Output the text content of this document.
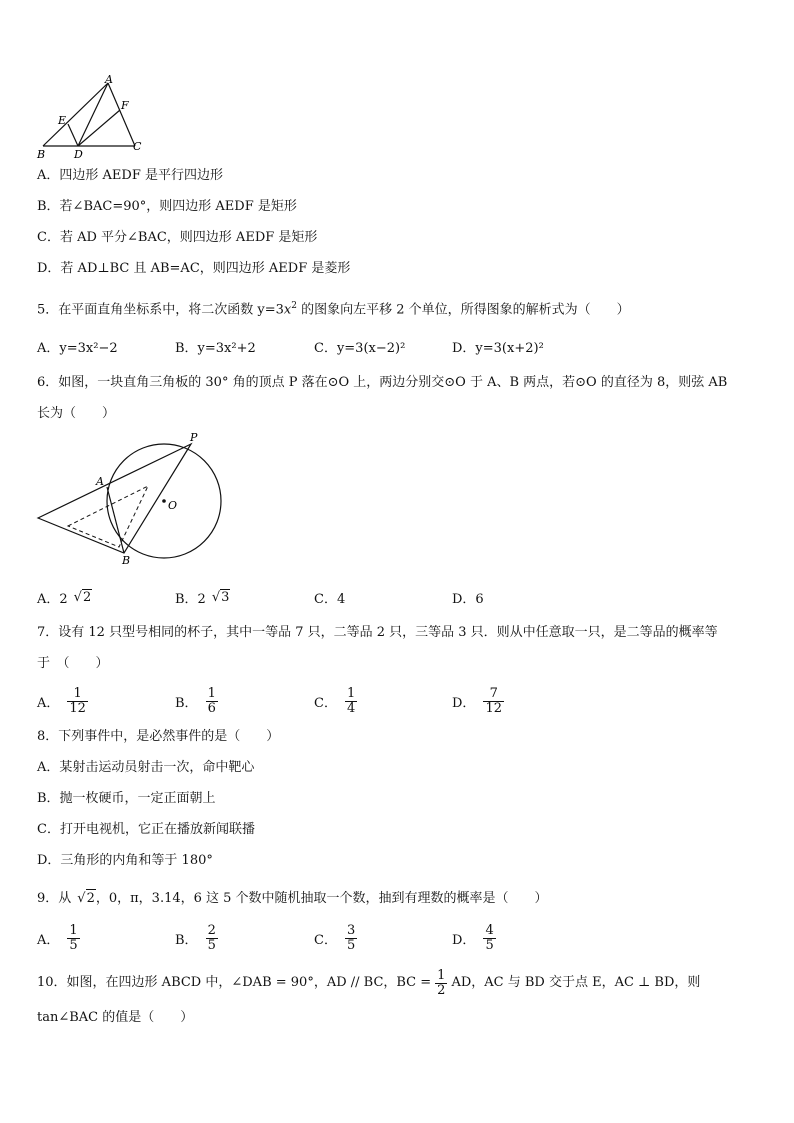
A
F
E
B	D
C
A．四边形 AEDF 是平行四边形
B．若∠BAC=90°，则四边形 AEDF 是矩形
C．若 AD 平分∠BAC，则四边形 AEDF 是矩形
D．若 AD⊥BC 且 AB=AC，则四边形 AEDF 是菱形
5．在平面直角坐标系中，将二次函数 $y=3x^2$ 的图象向左平移 2 个单位，所得图象的解析式为（　　）
A．y=3x²−2	B．y=3x²+2	C．y=3(x−2)²	D．y=3(x+2)²
6．如图，一块直角三角板的 30° 角的顶点 P 落在⊙O 上，两边分别交⊙O 于 A、B 两点，若⊙O 的直径为 8，则弦 AB
长为（　　）
P
A
B
O
A．2 √ 2	B．2 √ 3	C．4	D．6
7．设有 12 只型号相同的杯子，其中一等品 7 只，二等品 2 只，三等品 3 只．则从中任意取一只，是二等品的概率等
于　（　　）
A． $\frac{1}{12}$	B． $\frac{1}{6}$	C． $\frac{1}{4}$	D． $\frac{7}{12}$
8．下列事件中，是必然事件的是（　　）
A．某射击运动员射击一次，命中靶心
B．抛一枚硬币，一定正面朝上
C．打开电视机，它正在播放新闻联播
D．三角形的内角和等于 180°
9．从 √ 2 ，0，π，3.14，6 这 5 个数中随机抽取一个数，抽到有理数的概率是（　　）
A． $\frac{1}{5}$	B． $\frac{2}{5}$	C． $\frac{3}{5}$	D． $\frac{4}{5}$
10．如图，在四边形 ABCD 中，∠DAB = 90°，AD // BC，BC = $\frac{1}{2}$ AD，AC 与 BD 交于点 E，AC ⊥ BD，则
tan∠BAC 的值是（　　）
